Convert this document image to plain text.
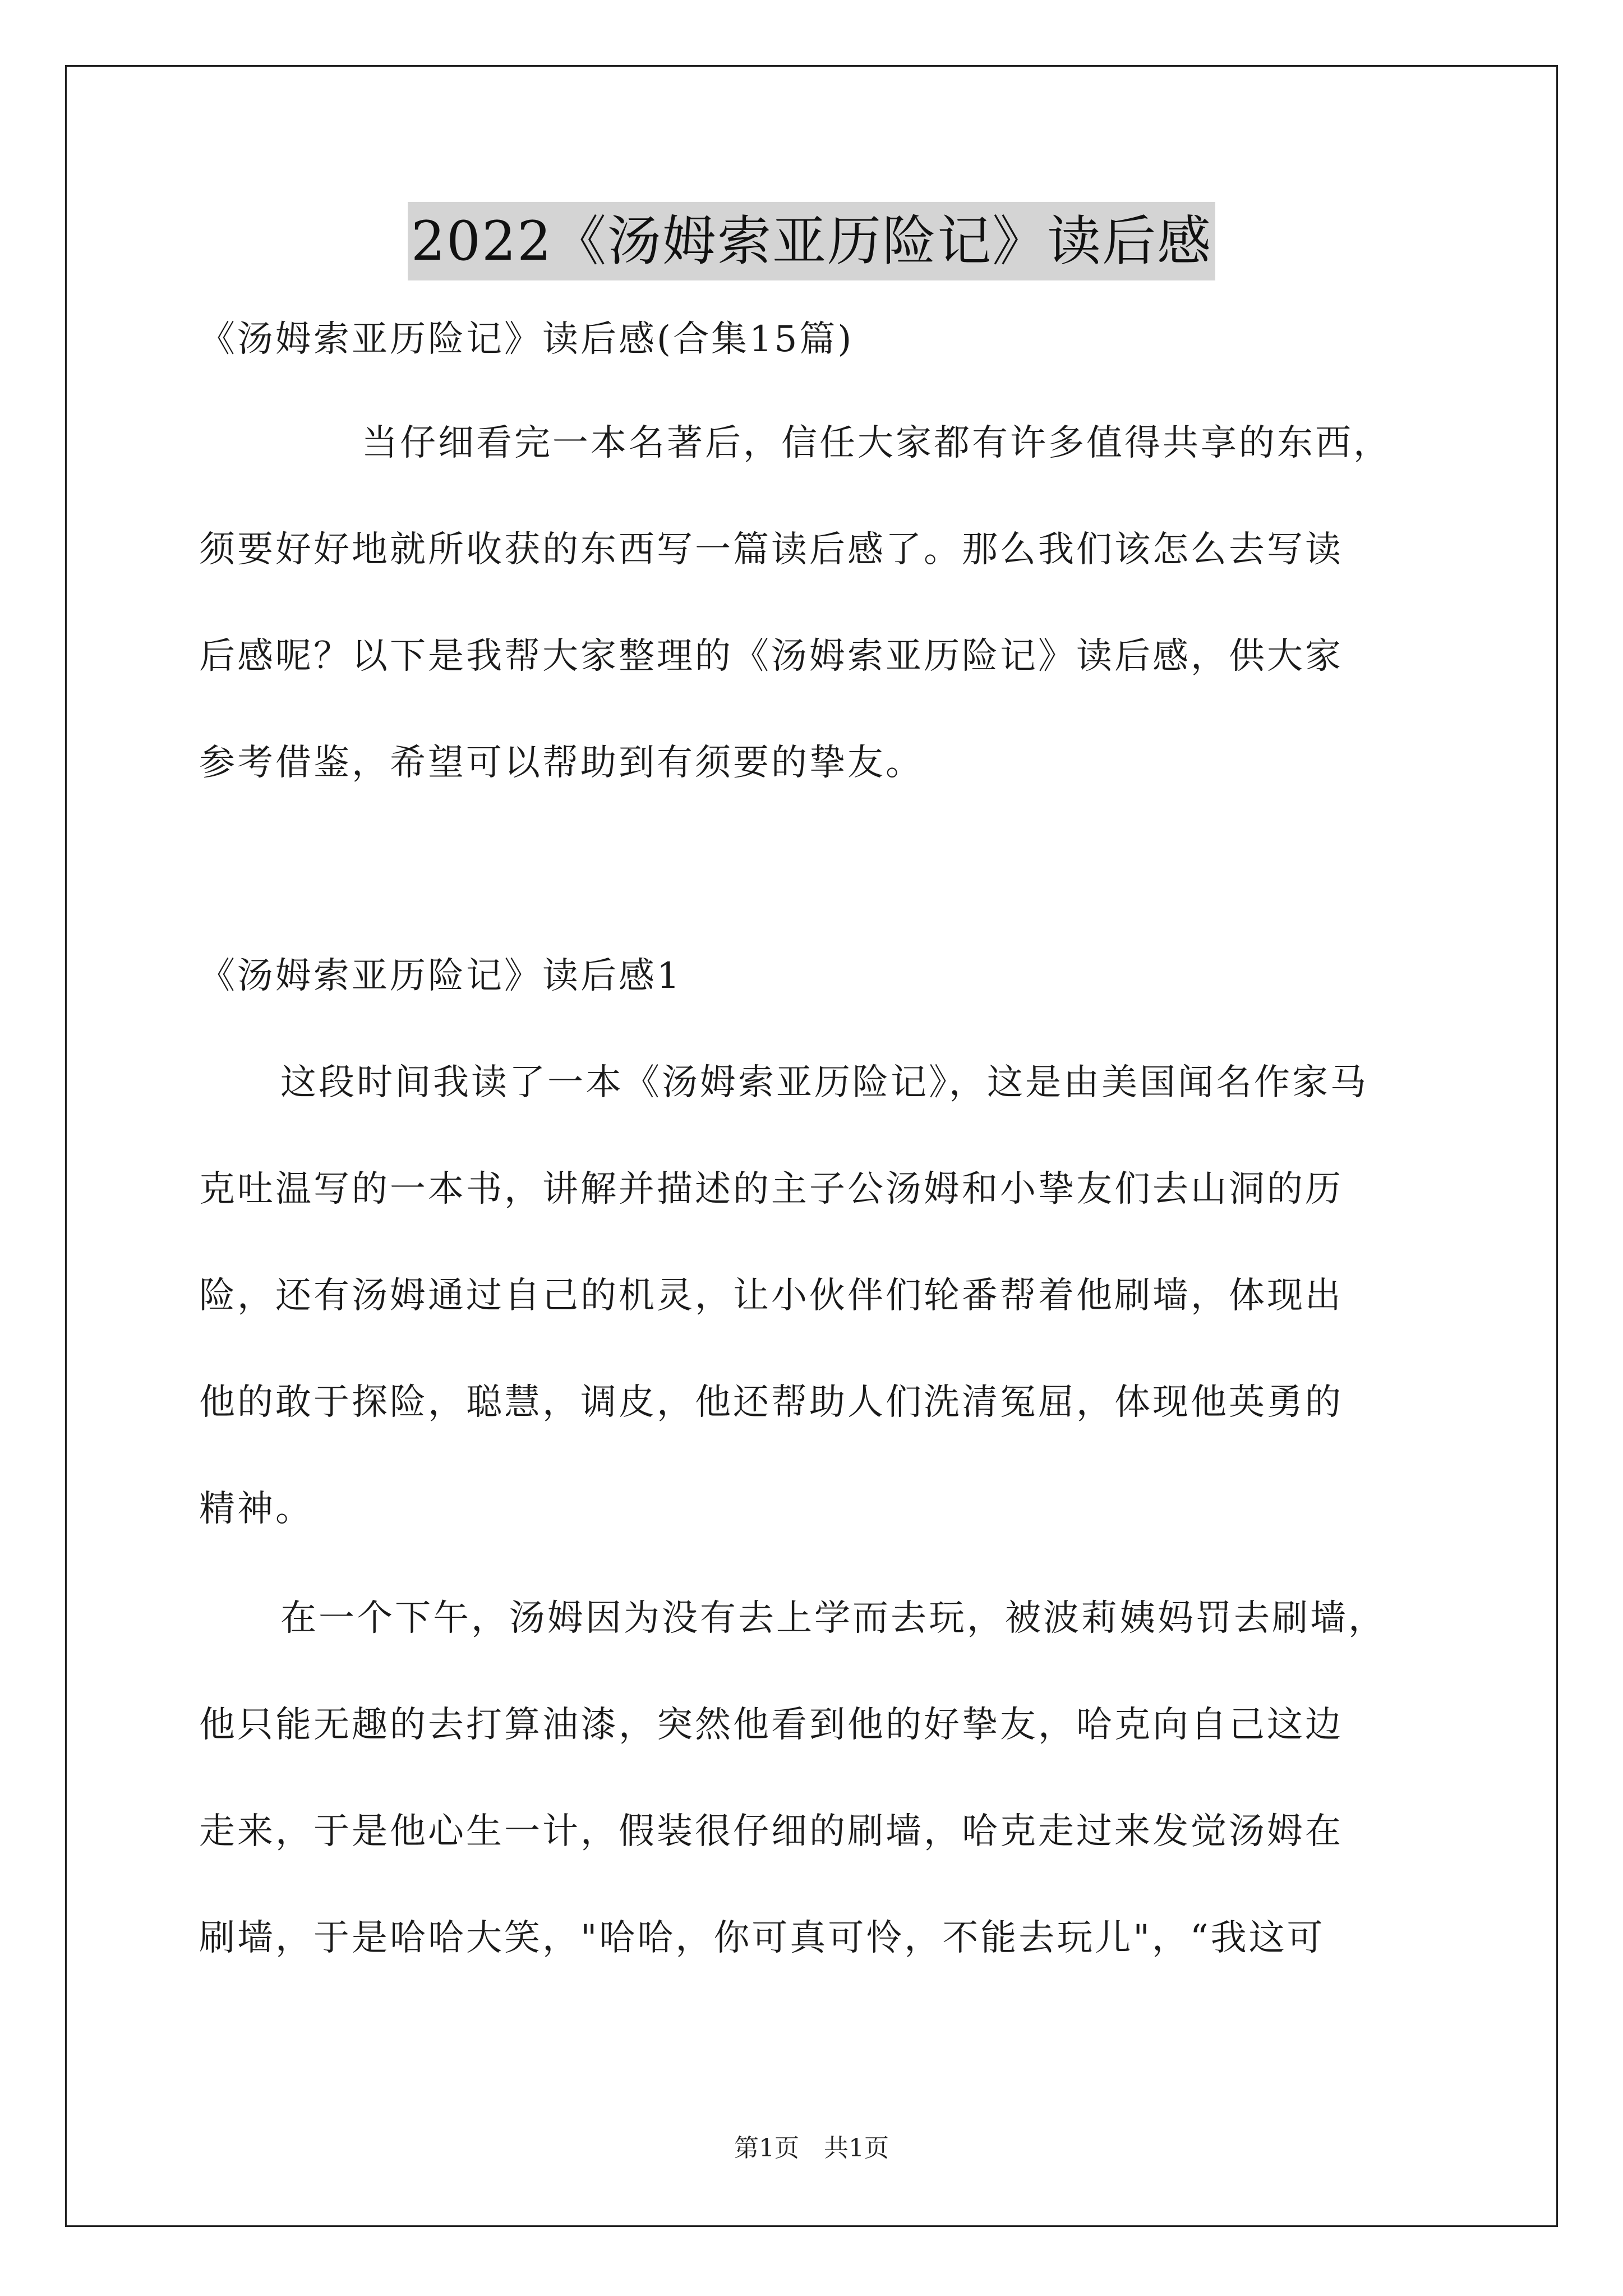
2022《汤姆索亚历险记》读后感
《汤姆索亚历险记》读后感(合集15篇)
当仔细看完一本名著后，信任大家都有许多值得共享的东西，
须要好好地就所收获的东西写一篇读后感了。那么我们该怎么去写读
后感呢？以下是我帮大家整理的《汤姆索亚历险记》读后感，供大家
参考借鉴，希望可以帮助到有须要的挚友。
《汤姆索亚历险记》读后感1
这段时间我读了一本《汤姆索亚历险记》，这是由美国闻名作家马
克吐温写的一本书，讲解并描述的主子公汤姆和小挚友们去山洞的历
险，还有汤姆通过自己的机灵，让小伙伴们轮番帮着他刷墙，体现出
他的敢于探险，聪慧，调皮，他还帮助人们洗清冤屈，体现他英勇的
精神。
在一个下午，汤姆因为没有去上学而去玩，被波莉姨妈罚去刷墙，
他只能无趣的去打算油漆，突然他看到他的好挚友，哈克向自己这边
走来，于是他心生一计，假装很仔细的刷墙，哈克走过来发觉汤姆在
刷墙，于是哈哈大笑，"哈哈，你可真可怜，不能去玩儿"，“我这可
第1页　共1页
